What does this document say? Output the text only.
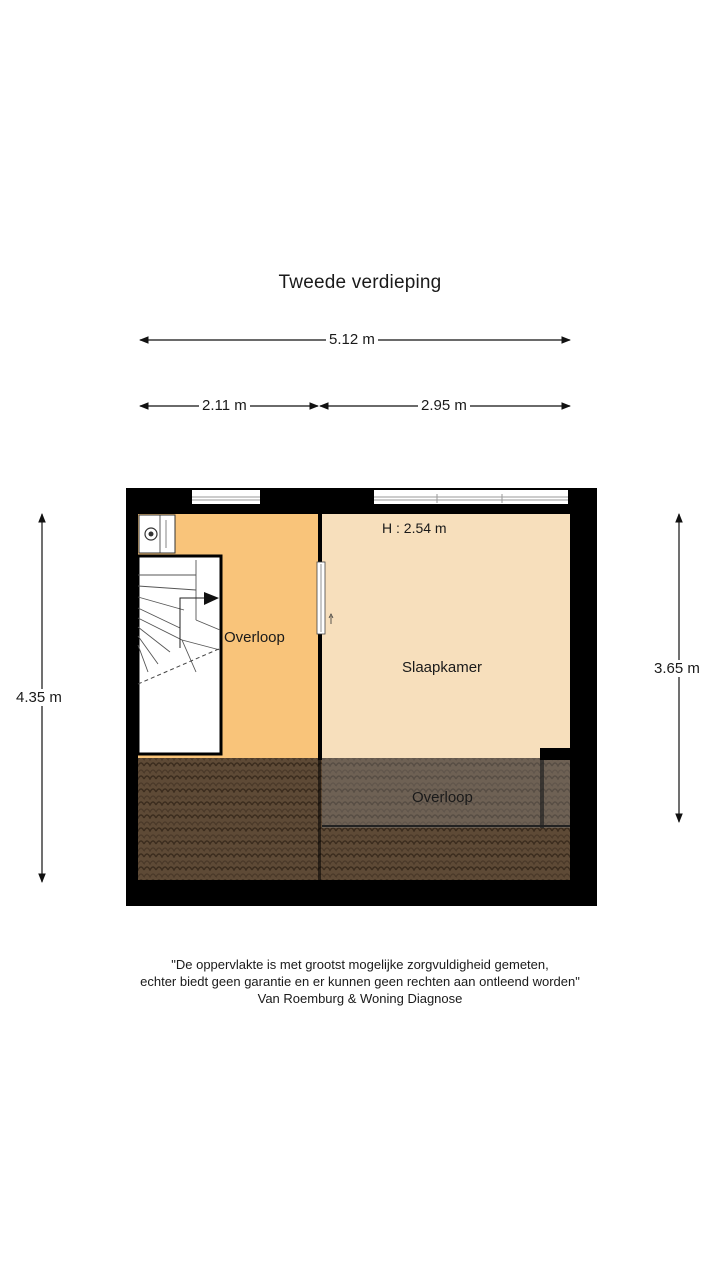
Tweede verdieping
5.12 m
2.11 m	2.95 m
4.35 m
3.65 m
Overloop
Slaapkamer
H : 2.54 m
Overloop
"De oppervlakte is met grootst mogelijke zorgvuldigheid gemeten,
echter biedt geen garantie en er kunnen geen rechten aan ontleend worden"
Van Roemburg & Woning Diagnose
